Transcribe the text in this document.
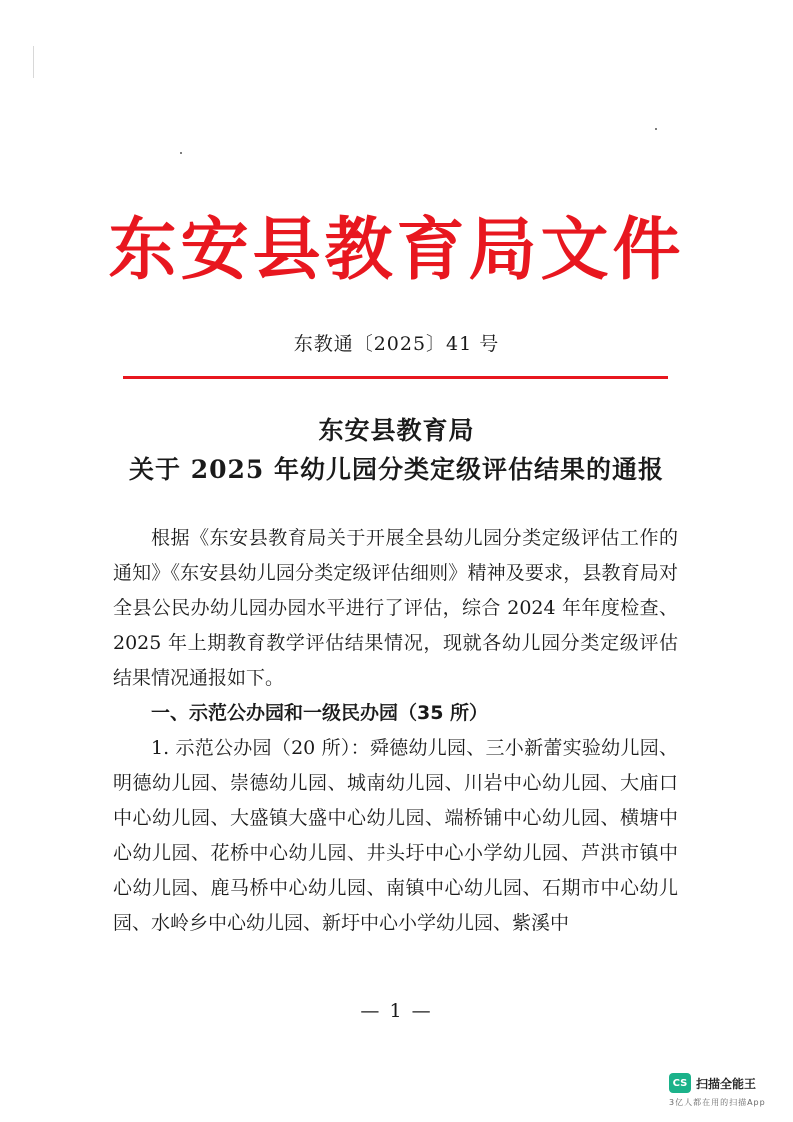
东安县教育局文件
东教通〔2025〕41 号
东安县教育局
关于 2025 年幼儿园分类定级评估结果的通报

根据《东安县教育局关于开展全县幼儿园分类定级评估工作的通知》《东安县幼儿园分类定级评估细则》精神及要求，县教育局对全县公民办幼儿园办园水平进行了评估，综合 2024 年年度检查、2025 年上期教育教学评估结果情况，现就各幼儿园分类定级评估结果情况通报如下。

一、示范公办园和一级民办园（35 所）

1. 示范公办园（20 所）：舜德幼儿园、三小新蕾实验幼儿园、明德幼儿园、崇德幼儿园、城南幼儿园、川岩中心幼儿园、大庙口中心幼儿园、大盛镇大盛中心幼儿园、端桥铺中心幼儿园、横塘中心幼儿园、花桥中心幼儿园、井头圩中心小学幼儿园、芦洪市镇中心幼儿园、鹿马桥中心幼儿园、南镇中心幼儿园、石期市中心幼儿园、水岭乡中心幼儿园、新圩中心小学幼儿园、紫溪中

— 1 —
CS 扫描全能王
3亿人都在用的扫描App
